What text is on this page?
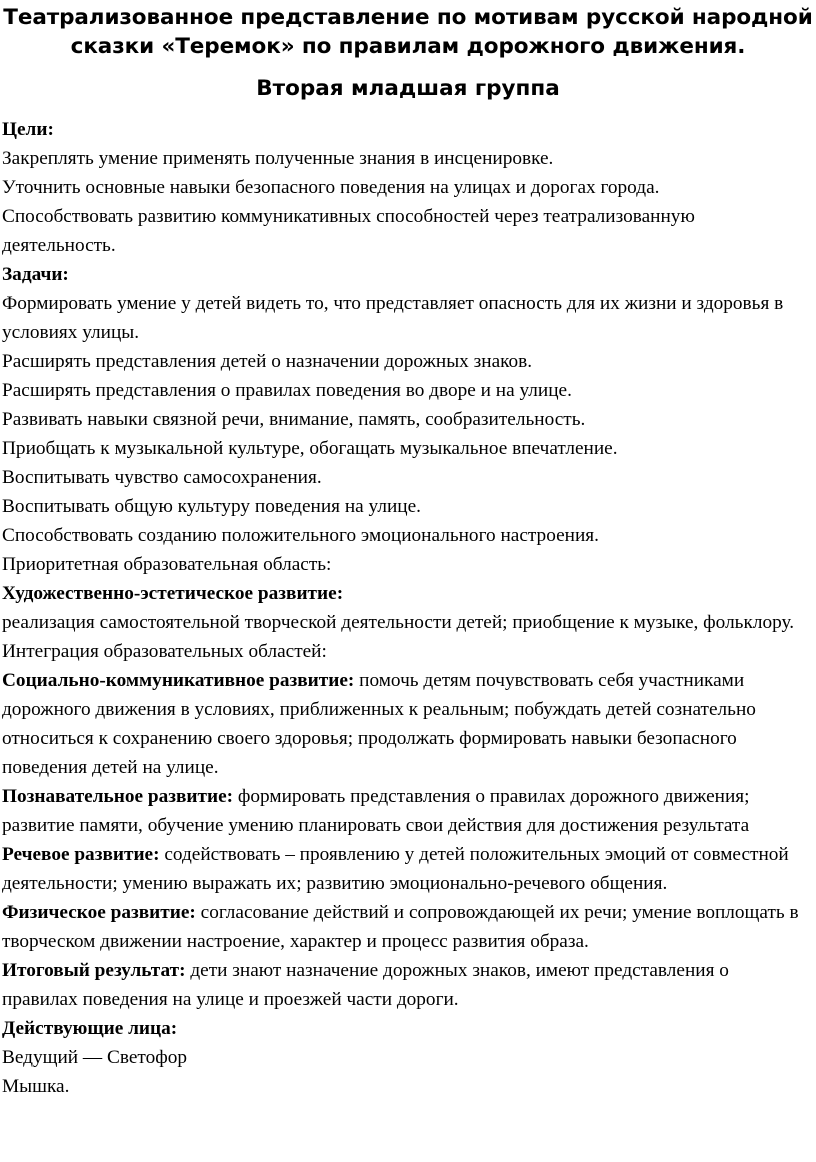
Театрализованное представление по мотивам русской народной
сказки «Теремок» по правилам дорожного движения.
Вторая младшая группа

Цели:

Закреплять умение применять полученные знания в инсценировке.

Уточнить основные навыки безопасного поведения на улицах и дорогах города.

Способствовать развитию коммуникативных способностей через театрализованную деятельность.

Задачи:

Формировать умение у детей видеть то, что представляет опасность для их жизни и здоровья в условиях улицы.

Расширять представления детей о назначении дорожных знаков.

Расширять представления о правилах поведения во дворе и на улице.

Развивать навыки связной речи, внимание, память, сообразительность.

Приобщать к музыкальной культуре, обогащать музыкальное впечатление.

Воспитывать чувство самосохранения.

Воспитывать общую культуру поведения на улице.

Способствовать созданию положительного эмоционального настроения.

Приоритетная образовательная область:

Художественно-эстетическое развитие:

реализация самостоятельной творческой деятельности детей; приобщение к музыке, фольклору.

Интеграция образовательных областей:

Социально-коммуникативное развитие: помочь детям почувствовать себя участниками дорожного движения в условиях, приближенных к реальным; побуждать детей сознательно относиться к сохранению своего здоровья; продолжать формировать навыки безопасного поведения детей на улице.

Познавательное развитие: формировать представления о правилах дорожного движения; развитие памяти, обучение умению планировать свои действия для достижения результата

Речевое развитие: содействовать – проявлению у детей положительных эмоций от совместной деятельности; умению выражать их; развитию эмоционально-речевого общения.

Физическое развитие: согласование действий и сопровождающей их речи; умение воплощать в творческом движении настроение, характер и процесс развития образа.

Итоговый результат: дети знают назначение дорожных знаков, имеют представления о правилах поведения на улице и проезжей части дороги.

Действующие лица:

Ведущий — Светофор

Мышка.
